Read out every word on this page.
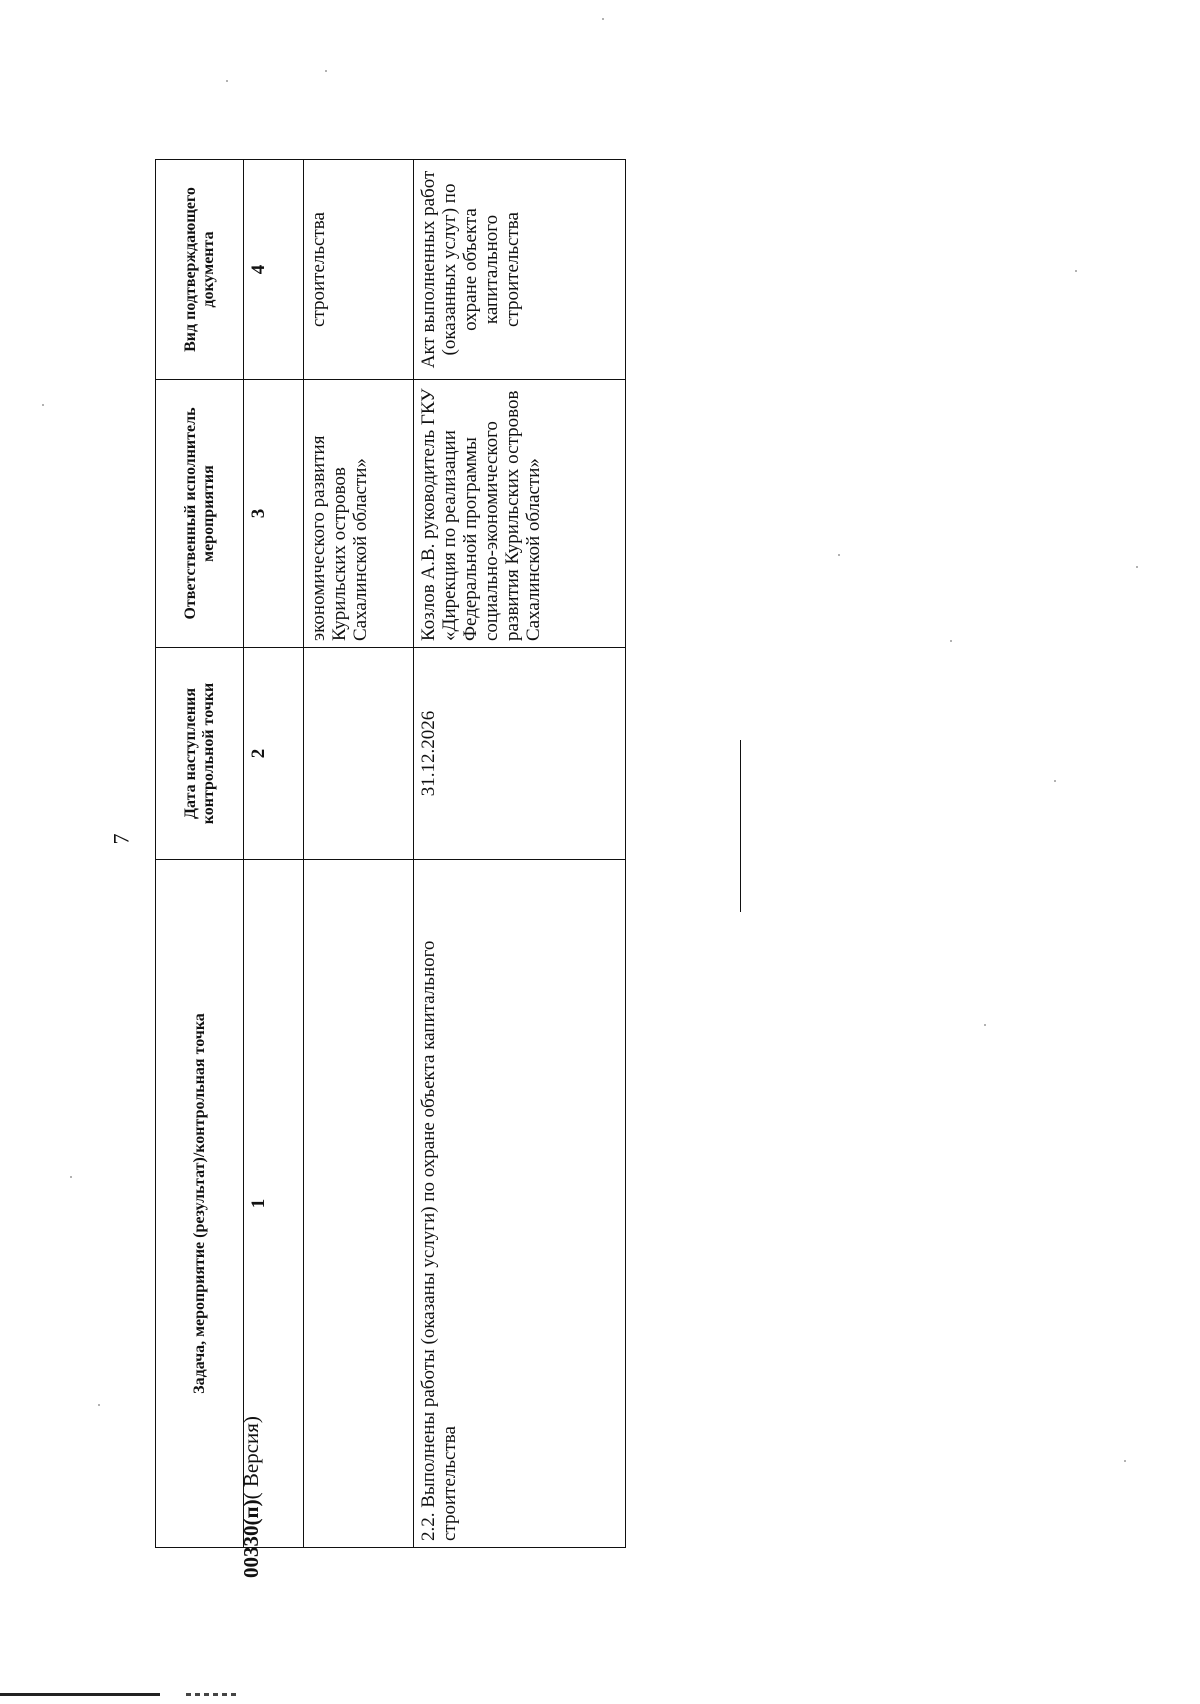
7
Задача, мероприятие (результат)/контрольная точка	Дата наступления контрольной точки	Ответственный исполнитель мероприятия	Вид подтверждающего документа
1	2	3	4
		экономического развития Курильских островов Сахалинской области»	строительства
2.2. Выполнены работы (оказаны услуги) по охране объекта капитального строительства	31.12.2026	Козлов А.В. руководитель ГКУ «Дирекция по реализации Федеральной программы социально-экономического развития Курильских островов Сахалинской области»	Акт выполненных работ (оказанных услуг) по охране объекта капитального строительства
00330(п)( Версия)
